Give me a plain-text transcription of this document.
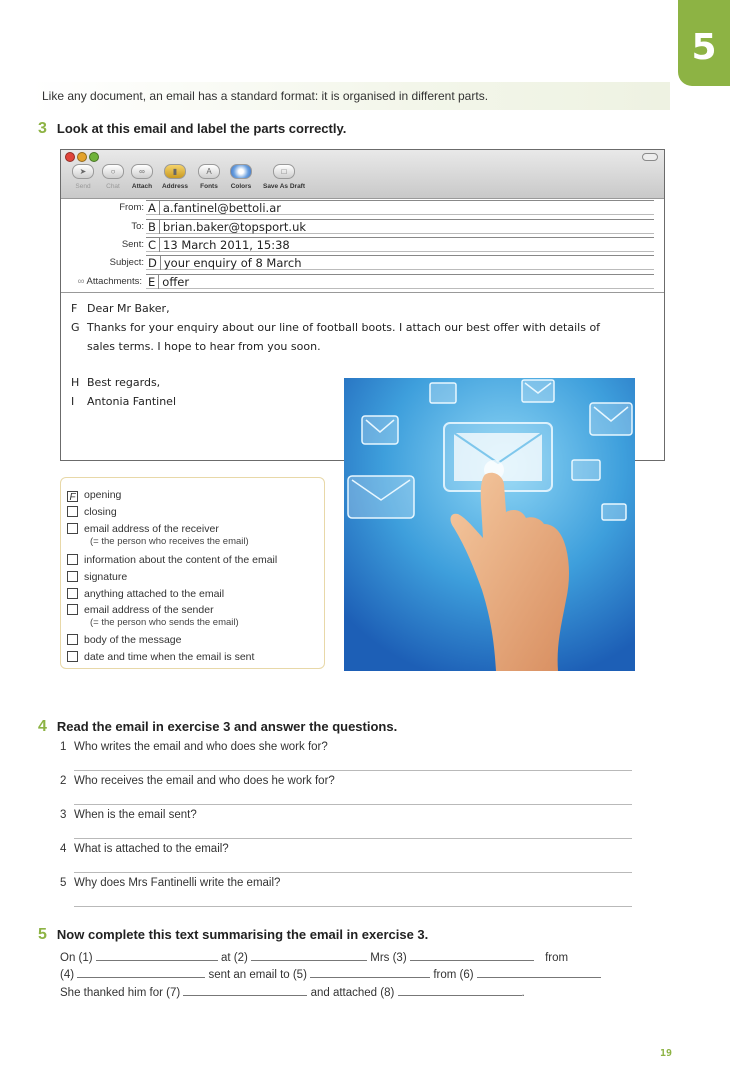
5
Like any document, an email has a standard format: it is organised in different parts.
3 Look at this email and label the parts correctly.
➤
Send
○
Chat
∞
Attach
▮
Address
A
Fonts	Colors
□
Save As Draft
From: A a.fantinel@bettoli.ar
To: B brian.baker@topsport.uk
Sent: C 13 March 2011, 15:38
Subject: D your enquiry of 8 March
∞ Attachments: E offer
F Dear Mr Baker,
G Thanks for your enquiry about our line of football boots. I attach our best offer with details of
sales terms. I hope to hear from you soon.
H Best regards,
I Antonia Fantinel
F opening
closing
email address of the receiver
(= the person who receives the email)
information about the content of the email
signature
anything attached to the email
email address of the sender
(= the person who sends the email)
body of the message
date and time when the email is sent
4 Read the email in exercise 3 and answer the questions.
1 Who writes the email and who does she work for?
2 Who receives the email and who does he work for?
3 When is the email sent?
4 What is attached to the email?
5 Why does Mrs Fantinelli write the email?
5 Now complete this text summarising the email in exercise 3.
On (1)	at (2)	Mrs (3)	from
(4)	sent an email to (5)	from (6)
She thanked him for (7)	and attached (8)	.
19
